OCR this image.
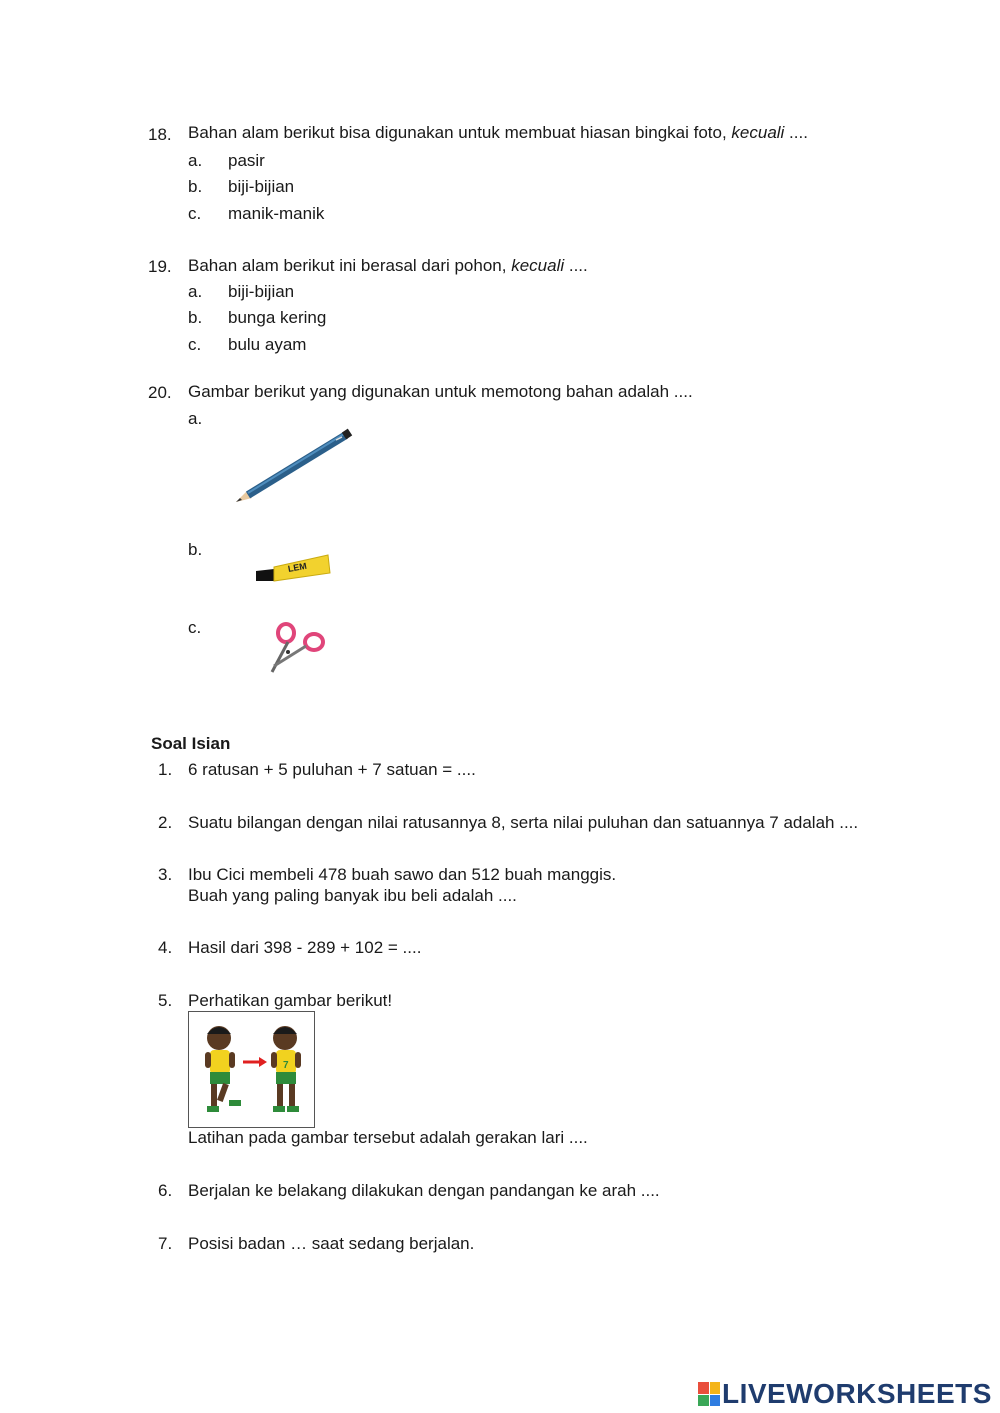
18. Bahan alam berikut bisa digunakan untuk membuat hiasan bingkai foto, kecuali ....
a. pasir
b. biji-bijian
c. manik-manik
19. Bahan alam berikut ini berasal dari pohon, kecuali ....
a. biji-bijian
b. bunga kering
c. bulu ayam
20. Gambar berikut yang digunakan untuk memotong bahan adalah ....
a.
b.
LEM
c.
Soal Isian
1. 6 ratusan + 5 puluhan + 7 satuan = ....
2. Suatu bilangan dengan nilai ratusannya 8, serta nilai puluhan dan satuannya 7 adalah ....
3. Ibu Cici membeli 478 buah sawo dan 512 buah manggis.
Buah yang paling banyak ibu beli adalah ....
4. Hasil dari 398 - 289 + 102 = ....
5. Perhatikan gambar berikut!
7
Latihan pada gambar tersebut adalah gerakan lari ....
6. Berjalan ke belakang dilakukan dengan pandangan ke arah ....
7. Posisi badan … saat sedang berjalan.
LIVEWORKSHEETS
